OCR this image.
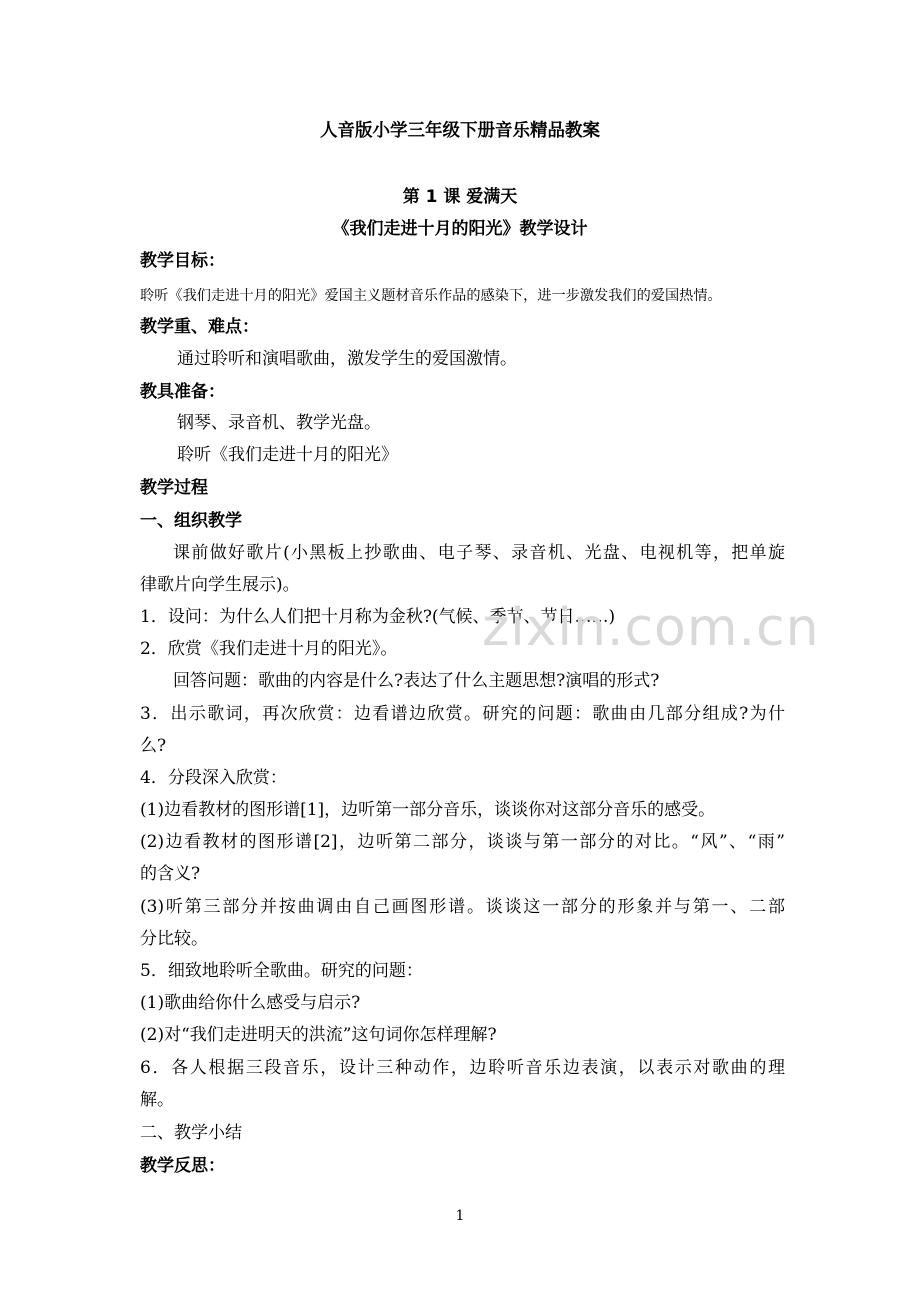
人音版小学三年级下册音乐精品教案
第 1 课 爱满天
《我们走进十月的阳光》教学设计
教学目标：
聆听《我们走进十月的阳光》爱国主义题材音乐作品的感染下，进一步激发我们的爱国热情。
教学重、难点：
通过聆听和演唱歌曲，激发学生的爱国激情。
教具准备：
钢琴、录音机、教学光盘。
聆听《我们走进十月的阳光》
教学过程
一、组织教学
课前做好歌片(小黑板上抄歌曲、电子琴、录音机、光盘、电视机等，把单旋
律歌片向学生展示)。
1．设问：为什么人们把十月称为金秋?(气候、季节、节日……)
2．欣赏《我们走进十月的阳光》。
回答问题：歌曲的内容是什么?表达了什么主题思想?演唱的形式?
3．出示歌词，再次欣赏：边看谱边欣赏。研究的问题：歌曲由几部分组成?为什
么?
4．分段深入欣赏：
(1)边看教材的图形谱[1]，边听第一部分音乐，谈谈你对这部分音乐的感受。
(2)边看教材的图形谱[2]，边听第二部分，谈谈与第一部分的对比。“风”、“雨”
的含义?
(3)听第三部分并按曲调由自己画图形谱。谈谈这一部分的形象并与第一、二部
分比较。
5．细致地聆听全歌曲。研究的问题：
(1)歌曲给你什么感受与启示?
(2)对“我们走进明天的洪流”这句词你怎样理解?
6．各人根据三段音乐，设计三种动作，边聆听音乐边表演，以表示对歌曲的理
解。
二、教学小结
教学反思：
1
zixin.com.cn
